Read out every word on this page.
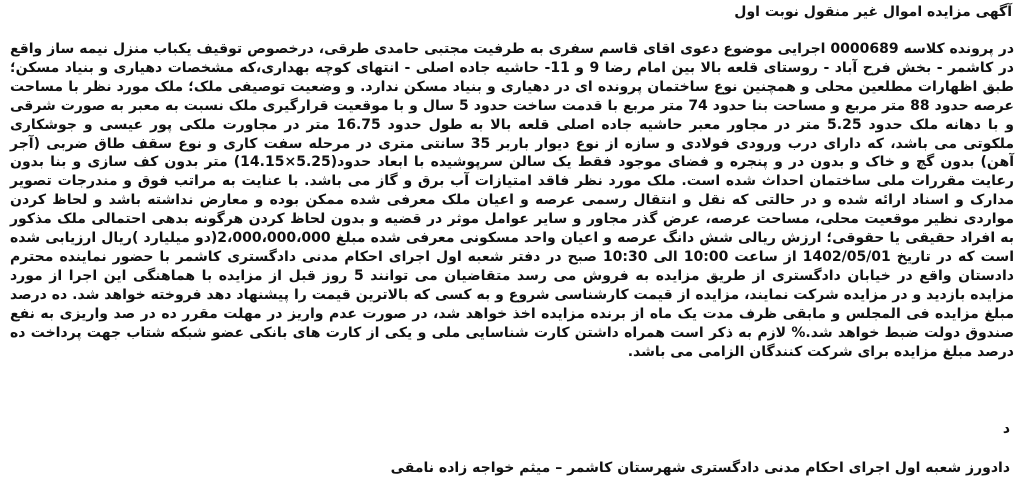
آگهی مزایده اموال غیر منقول نوبت اول
در پرونده کلاسه 0000689 اجرایی موضوع دعوی اقای قاسم سفری به طرفیت مجتبی حامدی طرقی، درخصوص توقیف یکباب منزل نیمه ساز واقع در کاشمر - بخش فرح آباد - روستای قلعه بالا بین امام رضا 9 و 11- حاشیه جاده اصلی - انتهای کوچه بهداری،که مشخصات دهیاری و بنیاد مسکن؛ طبق اظهارات مطلعین محلی و همچنین نوع ساختمان پرونده ای در دهیاری و بنیاد مسکن ندارد. و وضعیت توصیفی ملک؛ ملک مورد نظر با مساحت عرصه حدود 88 متر مربع و مساحت بنا حدود 74 متر مربع با قدمت ساخت حدود 5 سال و با موقعیت قرارگیری ملک نسبت به معبر به صورت شرقی و با دهانه ملک حدود 5.25 متر در مجاور معبر حاشیه جاده اصلی قلعه بالا به طول حدود 16.75 متر در مجاورت ملکی پور عیسی و جوشکاری ملکوتی می باشد، که دارای درب ورودی فولادی و سازه از نوع دیوار باربر 35 سانتی متری در مرحله سفت کاری و نوع سقف طاق ضربی (آجر آهن) بدون گچ و خاک و بدون در و پنجره و فضای موجود فقط یک سالن سرپوشیده با ابعاد حدود(5.25×14.15) متر بدون کف سازی و بنا بدون رعایت مقررات ملی ساختمان احداث شده است. ملک مورد نظر فاقد امتیازات آب برق و گاز می باشد. با عنایت به مراتب فوق و مندرجات تصویر مدارک و اسناد ارائه شده و در حالتی که نقل و انتقال رسمی عرصه و اعیان ملک معرفی شده ممکن بوده و معارض نداشته باشد و لحاظ کردن مواردی نظیر موقعیت محلی، مساحت عرصه، عرض گذر مجاور و سایر عوامل موثر در قضیه و بدون لحاظ کردن هرگونه بدهی احتمالی ملک مذکور به افراد حقیقی یا حقوقی؛ ارزش ریالی شش دانگ عرصه و اعیان واحد مسکونی معرفی شده مبلغ 2،000،000،000(دو میلیارد )ریال ارزیابی شده است که در تاریخ 1402/05/01 از ساعت 10:00 الی 10:30 صبح در دفتر شعبه اول اجرای احکام مدنی دادگستری کاشمر با حضور نماینده محترم دادستان واقع در خیابان دادگستری از طریق مزایده به فروش می رسد متقاضیان می توانند 5 روز قبل از مزایده با هماهنگی این اجرا از مورد مزایده بازدید و در مزایده شرکت نمایند، مزایده از قیمت کارشناسی شروع و به کسی که بالاترین قیمت را پیشنهاد دهد فروخته خواهد شد. ده درصد مبلغ مزایده فی المجلس و مابقی ظرف مدت یک ماه از برنده مزایده اخذ خواهد شد، در صورت عدم واریز در مهلت مقرر ده در صد واریزی به نفع صندوق دولت ضبط خواهد شد.% لازم به ذکر است همراه داشتن کارت شناسایی ملی و یکی از کارت های بانکی عضو شبکه شتاب جهت پرداخت ده درصد مبلغ مزایده برای شرکت کنندگان الزامی می باشد.
د
دادورز شعبه اول اجرای احکام مدنی دادگستری شهرستان کاشمر – میثم خواجه زاده نامقی
